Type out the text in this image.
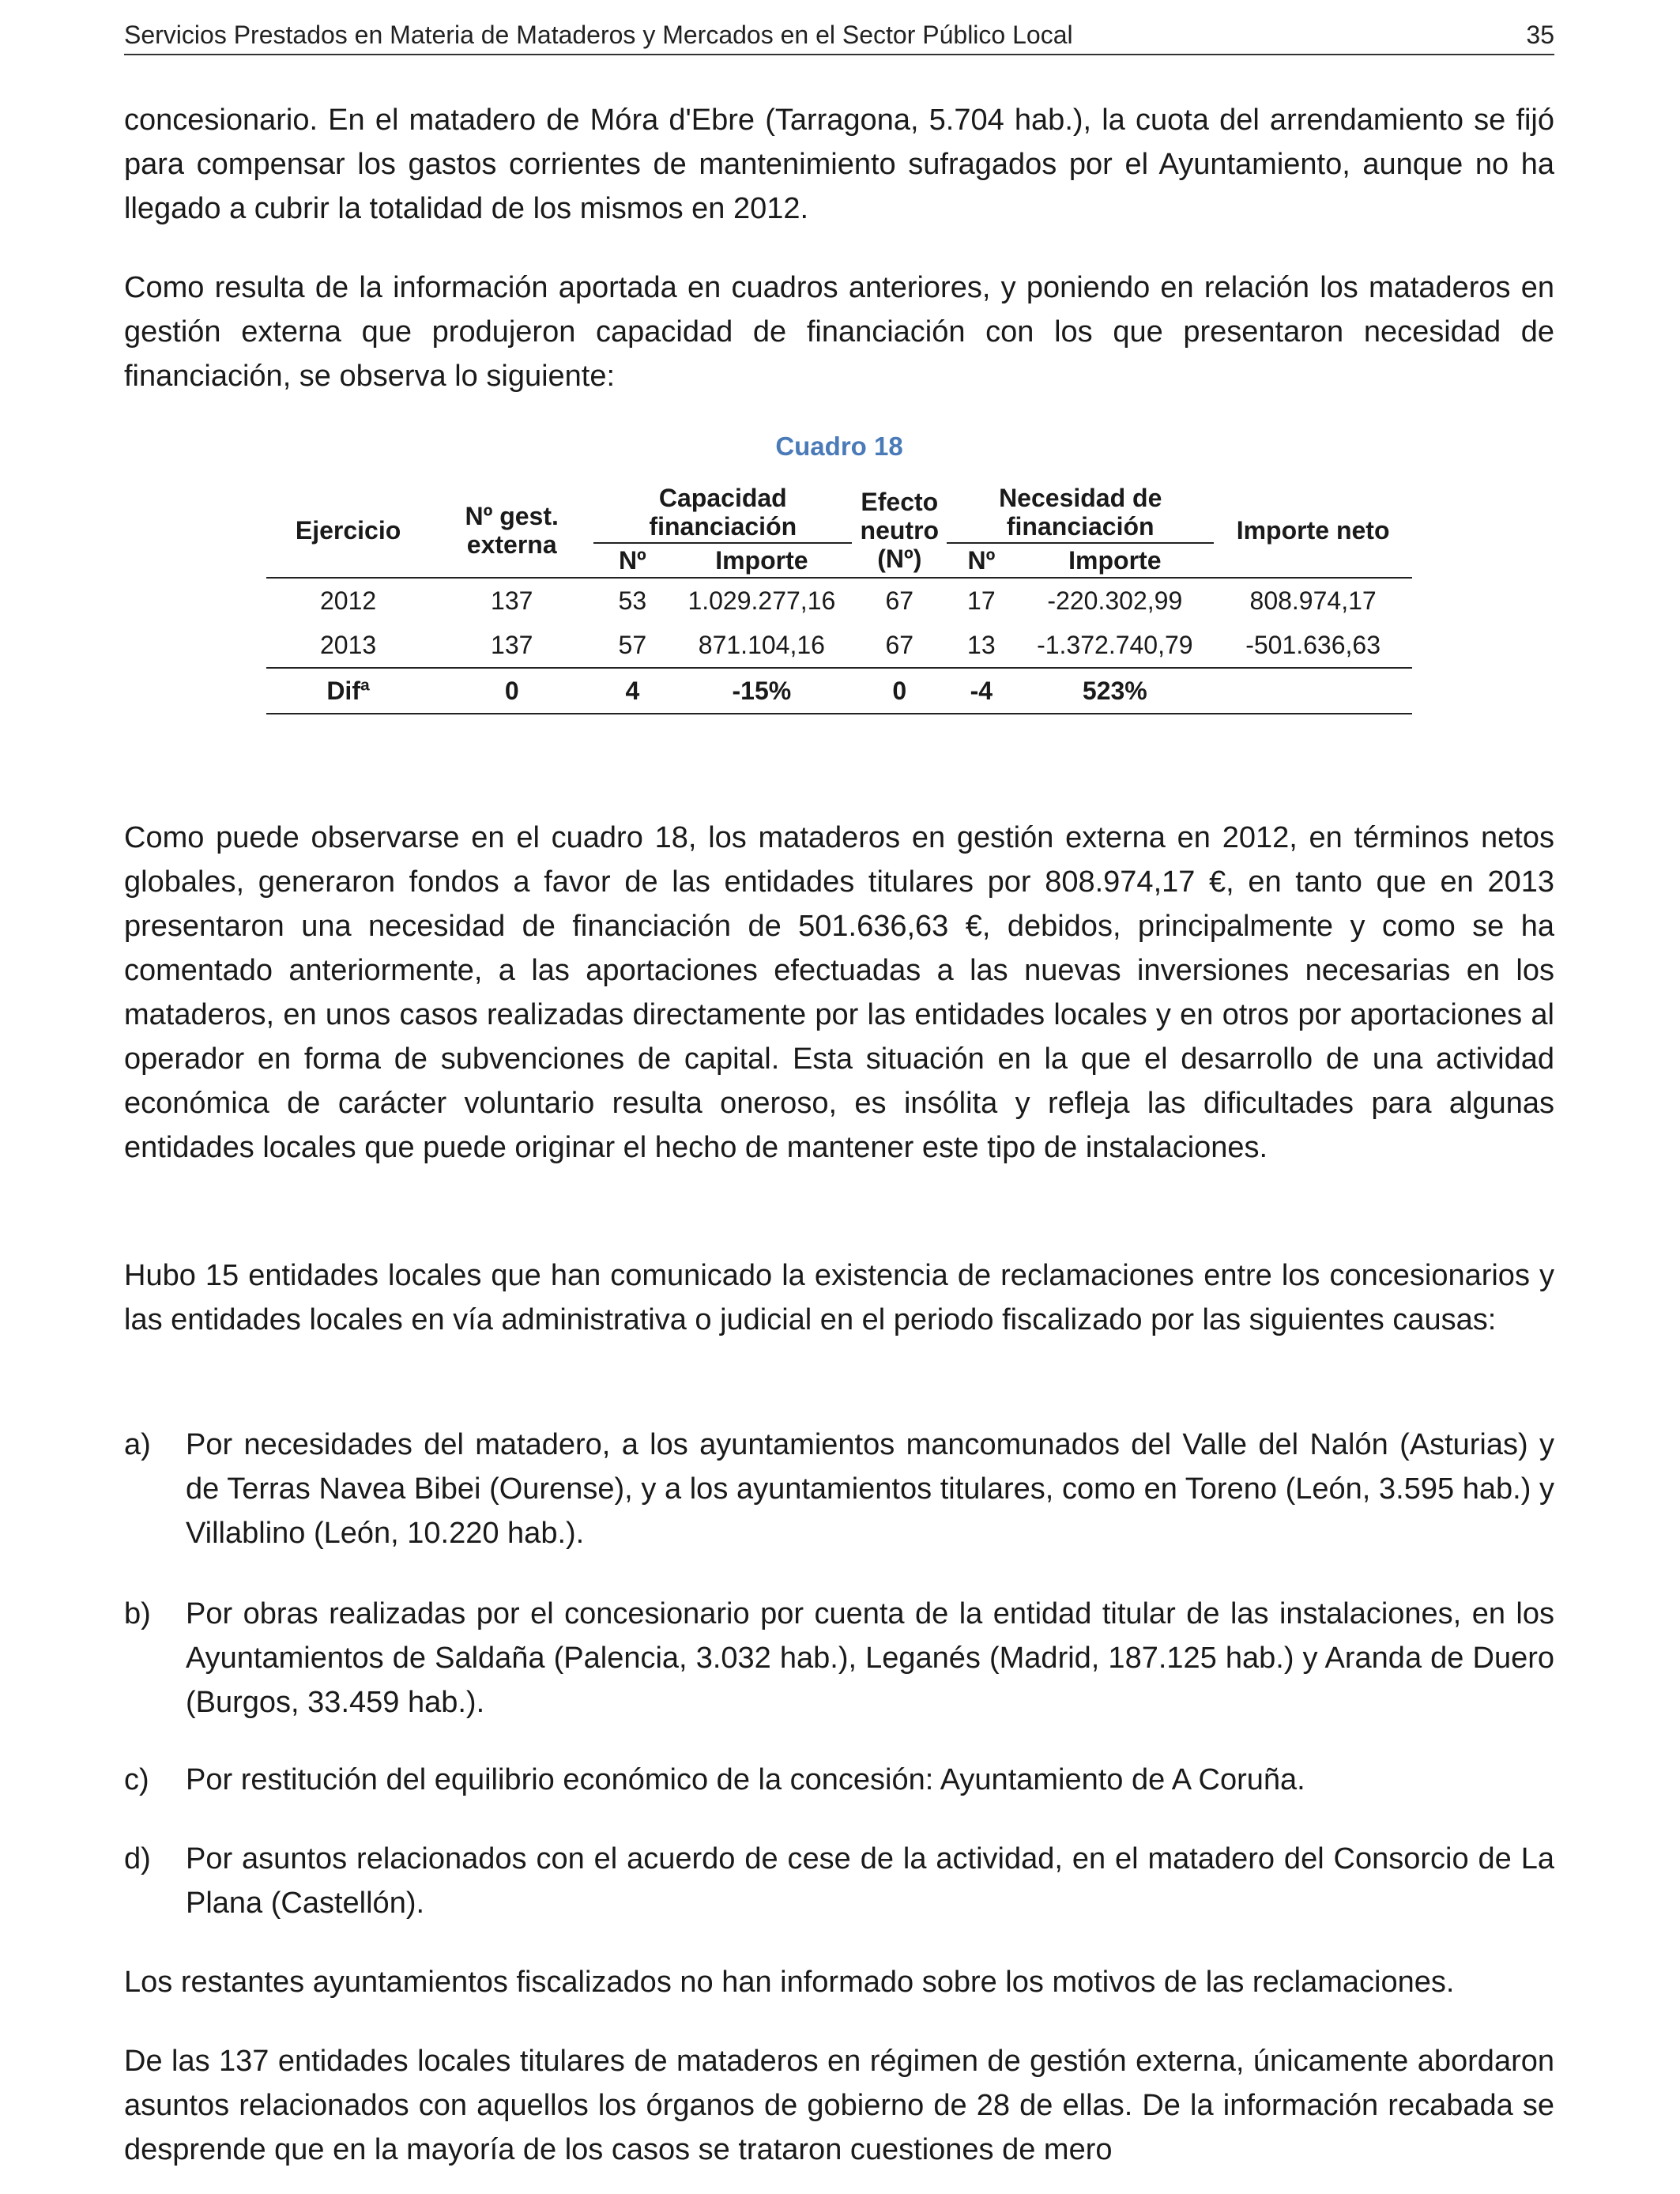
Servicios Prestados en Materia de Mataderos y Mercados en el Sector Público Local	35
concesionario. En el matadero de Móra d'Ebre (Tarragona, 5.704 hab.), la cuota del arrendamiento se fijó para compensar los gastos corrientes de mantenimiento sufragados por el Ayuntamiento, aunque no ha llegado a cubrir la totalidad de los mismos en 2012.
Como resulta de la información aportada en cuadros anteriores, y poniendo en relación los mataderos en gestión externa que produjeron capacidad de financiación con los que presentaron necesidad de financiación, se observa lo siguiente:
Cuadro 18
Ejercicio	Nº gest. externa	Capacidad financiación		Efecto neutro (Nº)	Necesidad de financiación		Importe neto
		Nº	Importe		Nº	Importe	
2012	137	53	1.029.277,16	67	17	-220.302,99	808.974,17
2013	137	57	871.104,16	67	13	-1.372.740,79	-501.636,63
Difª	0	4	-15%	0	-4	523%	
Como puede observarse en el cuadro 18, los mataderos en gestión externa en 2012, en términos netos globales, generaron fondos a favor de las entidades titulares por 808.974,17 €, en tanto que en 2013 presentaron una necesidad de financiación de 501.636,63 €, debidos, principalmente y como se ha comentado anteriormente, a las aportaciones efectuadas a las nuevas inversiones necesarias en los mataderos, en unos casos realizadas directamente por las entidades locales y en otros por aportaciones al operador en forma de subvenciones de capital. Esta situación en la que el desarrollo de una actividad económica de carácter voluntario resulta oneroso, es insólita y refleja las dificultades para algunas entidades locales que puede originar el hecho de mantener este tipo de instalaciones.
Hubo 15 entidades locales que han comunicado la existencia de reclamaciones entre los concesionarios y las entidades locales en vía administrativa o judicial en el periodo fiscalizado por las siguientes causas:
a) Por necesidades del matadero, a los ayuntamientos mancomunados del Valle del Nalón (Asturias) y de Terras Navea Bibei (Ourense), y a los ayuntamientos titulares, como en Toreno (León, 3.595 hab.) y Villablino (León, 10.220 hab.).
b) Por obras realizadas por el concesionario por cuenta de la entidad titular de las instalaciones, en los Ayuntamientos de Saldaña (Palencia, 3.032 hab.), Leganés (Madrid, 187.125 hab.) y Aranda de Duero (Burgos, 33.459 hab.).
c) Por restitución del equilibrio económico de la concesión: Ayuntamiento de A Coruña.
d) Por asuntos relacionados con el acuerdo de cese de la actividad, en el matadero del Consorcio de La Plana (Castellón).
Los restantes ayuntamientos fiscalizados no han informado sobre los motivos de las reclamaciones.
De las 137 entidades locales titulares de mataderos en régimen de gestión externa, únicamente abordaron asuntos relacionados con aquellos los órganos de gobierno de 28 de ellas. De la información recabada se desprende que en la mayoría de los casos se trataron cuestiones de mero
